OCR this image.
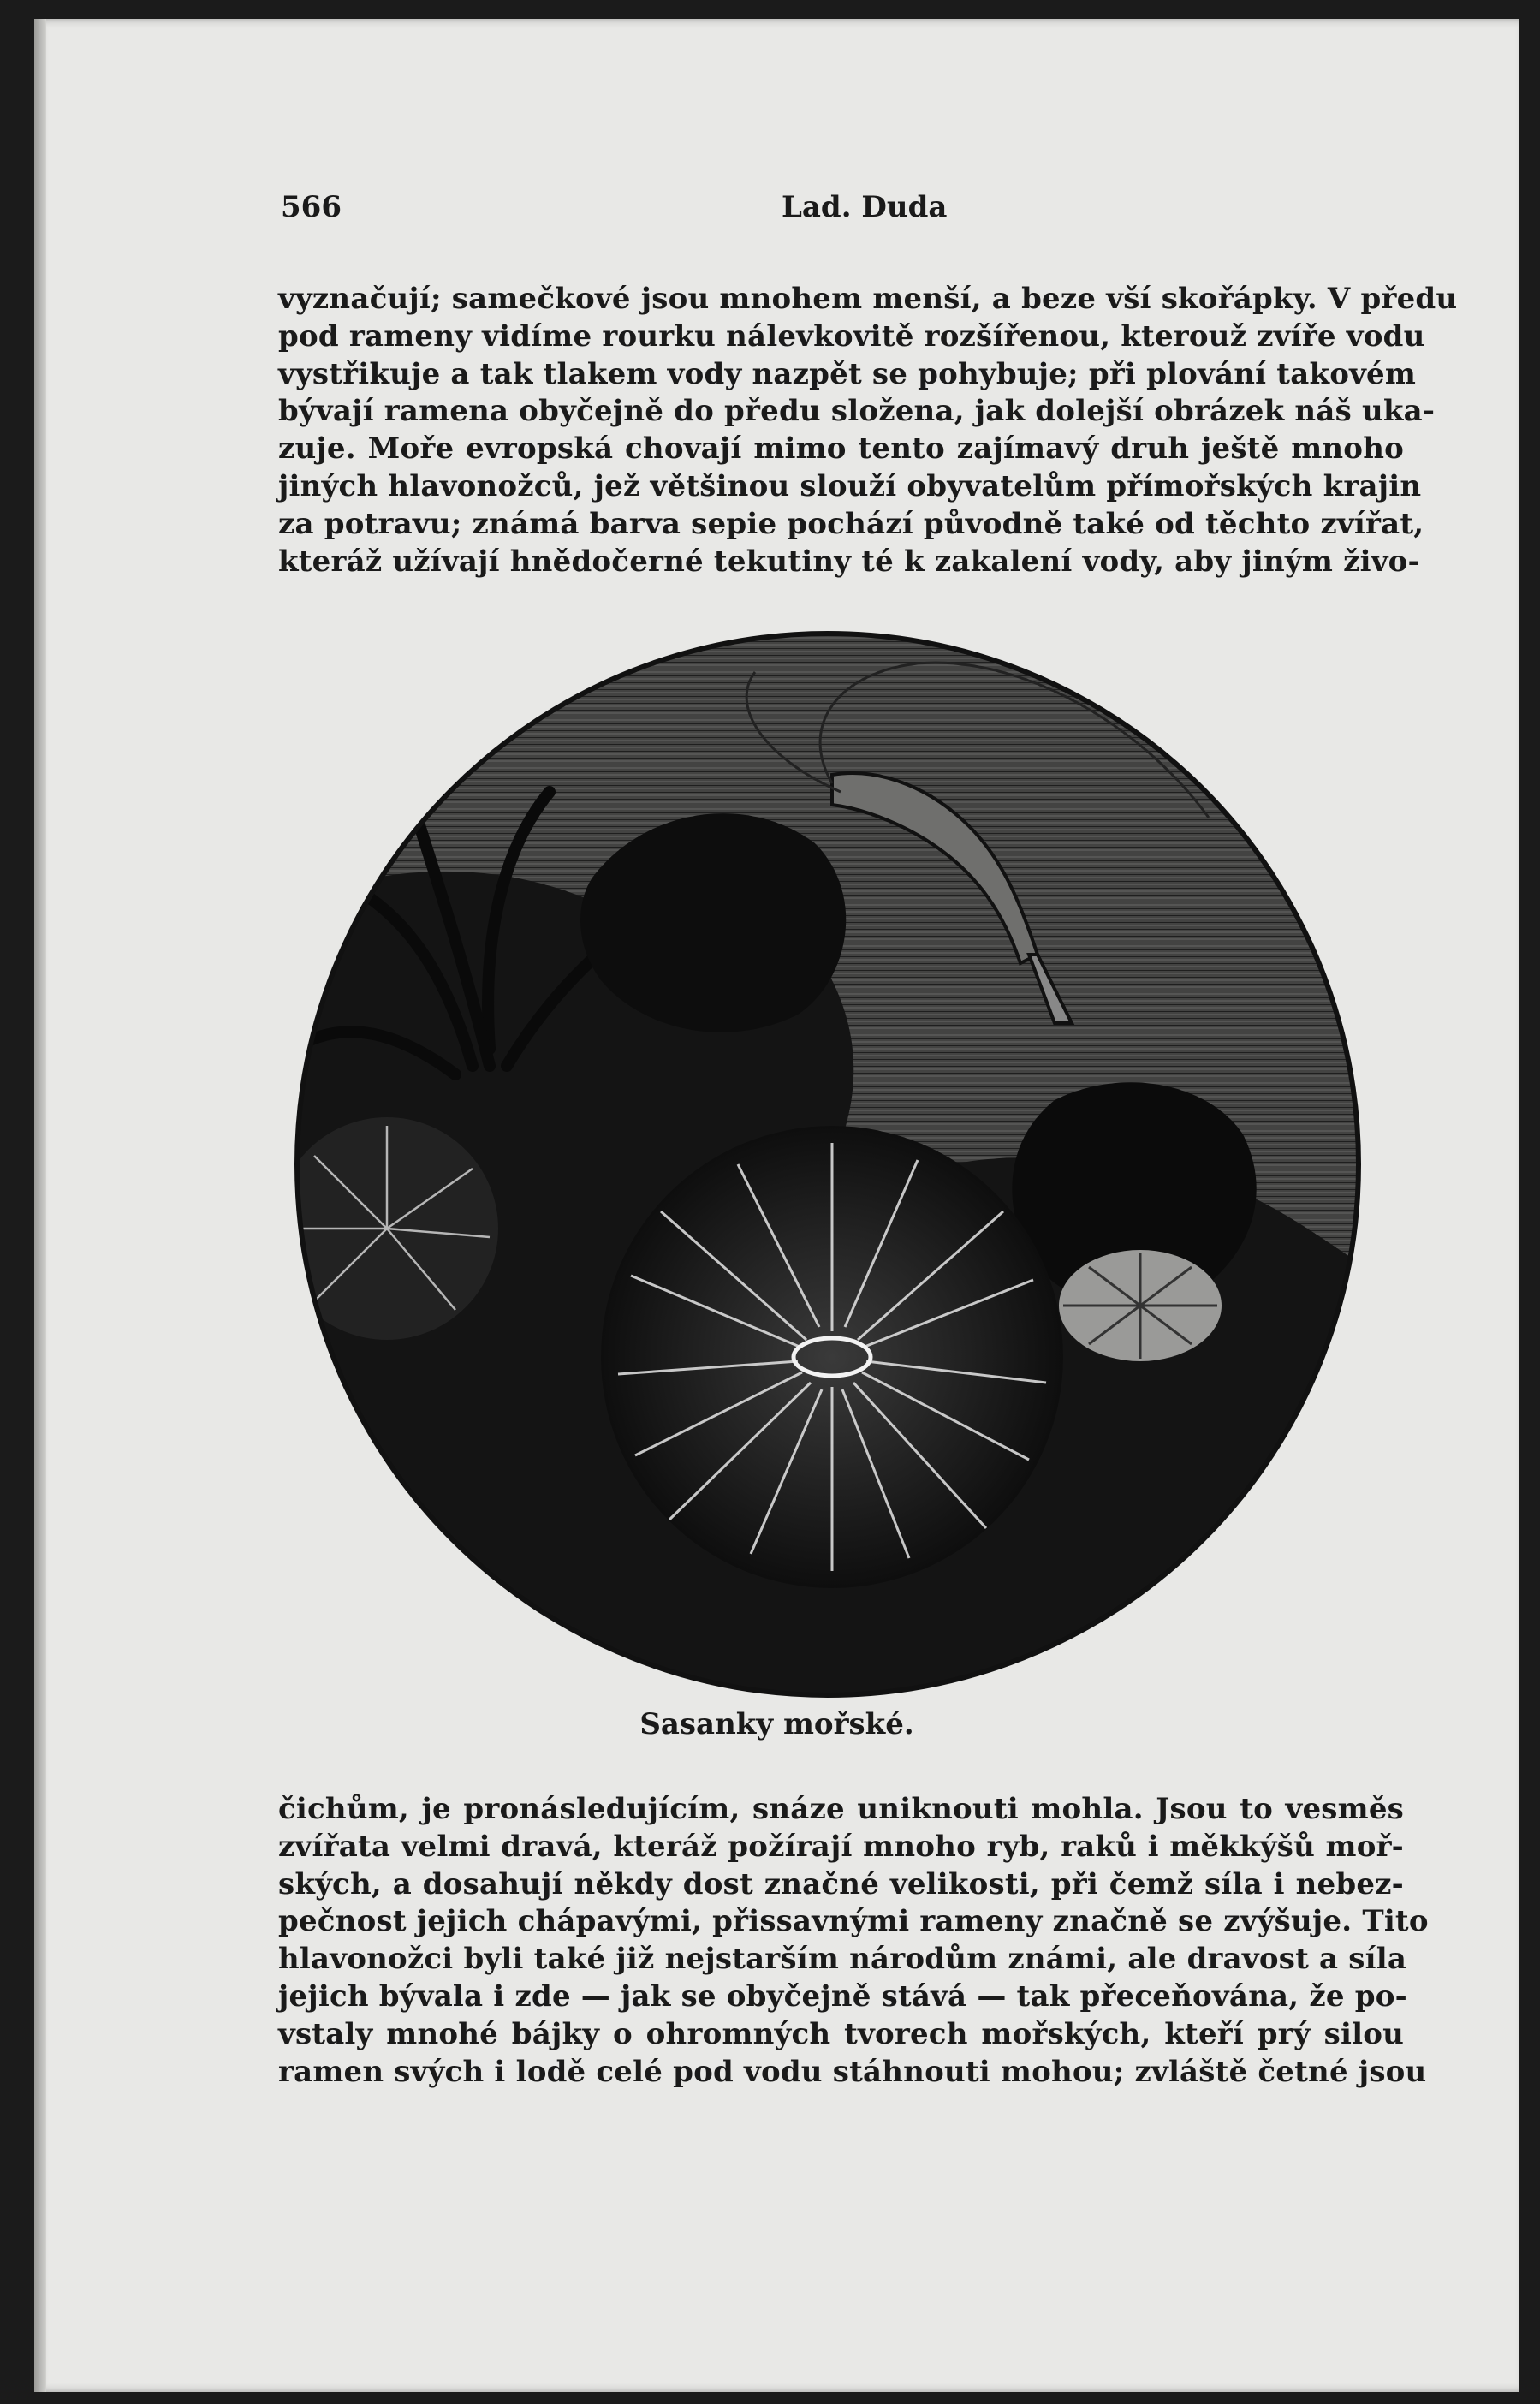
566	Lad. Duda
vyznačují; samečkové jsou mnohem menší, a beze vší skořápky. V předu
pod rameny vidíme rourku nálevkovitě rozšířenou, kterouž zvíře vodu
vystřikuje a tak tlakem vody nazpět se pohybuje; při plování takovém
bývají ramena obyčejně do předu složena, jak dolejší obrázek náš uka-
zuje. Moře evropská chovají mimo tento zajímavý druh ještě mnoho
jiných hlavonožců, jež většinou slouží obyvatelům přímořských krajin
za potravu; známá barva sepie pochází původně také od těchto zvířat,
kteráž užívají hnědočerné tekutiny té k zakalení vody, aby jiným živo-
Sasanky mořské.
čichům, je pronásledujícím, snáze uniknouti mohla. Jsou to vesměs
zvířata velmi dravá, kteráž požírají mnoho ryb, raků i měkkýšů moř-
ských, a dosahují někdy dost značné velikosti, při čemž síla i nebez-
pečnost jejich chápavými, přissavnými rameny značně se zvýšuje. Tito
hlavonožci byli také již nejstarším národům známi, ale dravost a síla
jejich bývala i zde — jak se obyčejně stává — tak přeceňována, že po-
vstaly mnohé bájky o ohromných tvorech mořských, kteří prý silou
ramen svých i lodě celé pod vodu stáhnouti mohou; zvláště četné jsou
